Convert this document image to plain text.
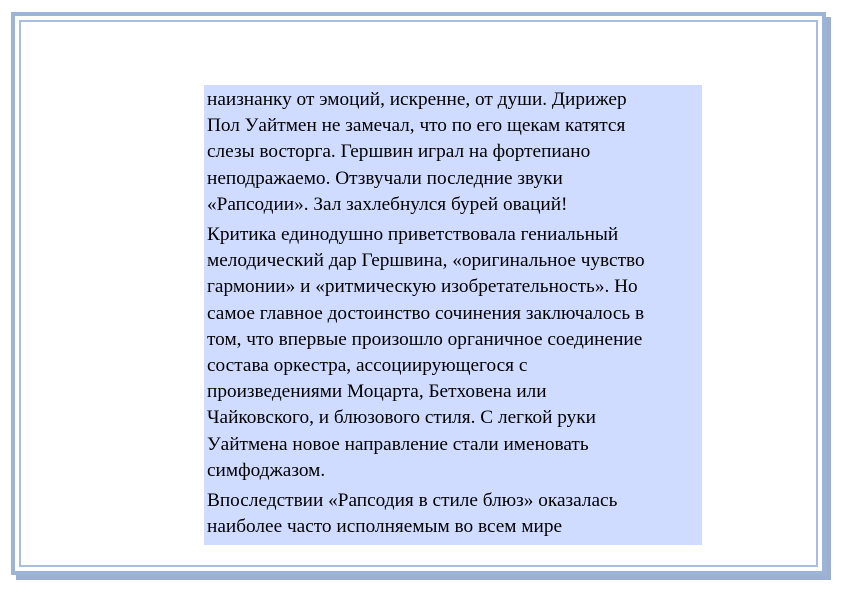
наизнанку от эмоций, искренне, от души. Дирижер
Пол Уайтмен не замечал, что по его щекам катятся
слезы восторга. Гершвин играл на фортепиано
неподражаемо. Отзвучали последние звуки
«Рапсодии». Зал захлебнулся бурей оваций!

Критика единодушно приветствовала гениальный
мелодический дар Гершвина, «оригинальное чувство
гармонии» и «ритмическую изобретательность». Но
самое главное достоинство сочинения заключалось в
том, что впервые произошло органичное соединение
состава оркестра, ассоциирующегося с
произведениями Моцарта, Бетховена или
Чайковского, и блюзового стиля. С легкой руки
Уайтмена новое направление стали именовать
симфоджазом.

Впоследствии «Рапсодия в стиле блюз» оказалась
наиболее часто исполняемым во всем мире
